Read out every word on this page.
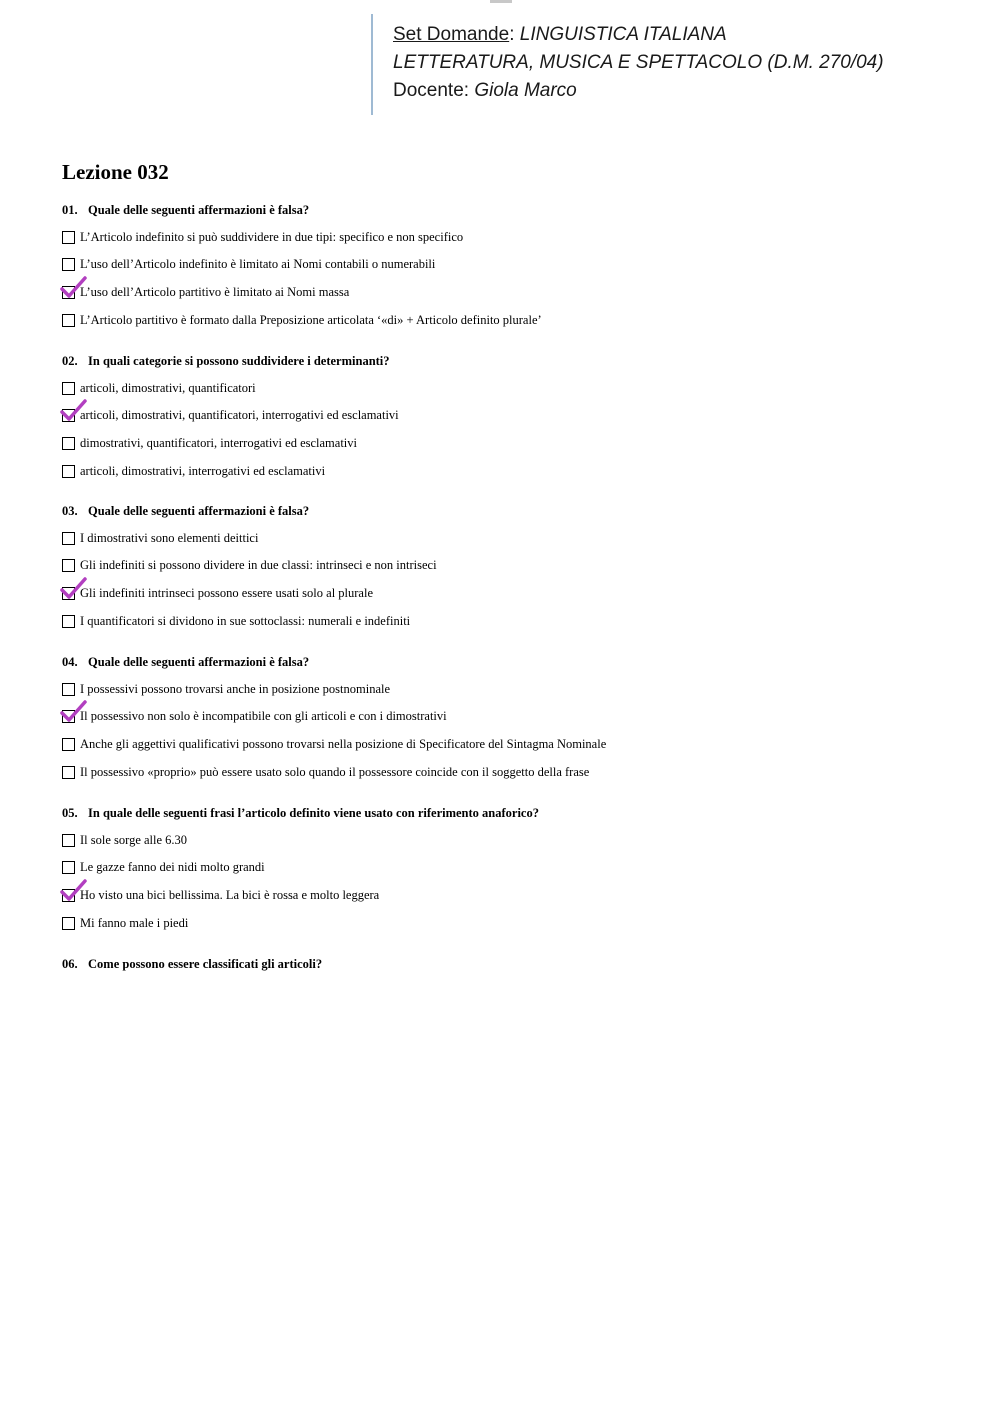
Set Domande: LINGUISTICA ITALIANA
LETTERATURA, MUSICA E SPETTACOLO (D.M. 270/04)
Docente: Giola Marco
Lezione 032
01. Quale delle seguenti affermazioni è falsa?
L’Articolo indefinito si può suddividere in due tipi: specifico e non specifico
L’uso dell’Articolo indefinito è limitato ai Nomi contabili o numerabili
L’uso dell’Articolo partitivo è limitato ai Nomi massa
L’Articolo partitivo è formato dalla Preposizione articolata ‘«di» + Articolo definito plurale’
02. In quali categorie si possono suddividere i determinanti?
articoli, dimostrativi, quantificatori
articoli, dimostrativi, quantificatori, interrogativi ed esclamativi
dimostrativi, quantificatori, interrogativi ed esclamativi
articoli, dimostrativi, interrogativi ed esclamativi
03. Quale delle seguenti affermazioni è falsa?
I dimostrativi sono elementi deittici
Gli indefiniti si possono dividere in due classi: intrinseci e non intriseci
Gli indefiniti intrinseci possono essere usati solo al plurale
I quantificatori si dividono in sue sottoclassi: numerali e indefiniti
04. Quale delle seguenti affermazioni è falsa?
I possessivi possono trovarsi anche in posizione postnominale
Il possessivo non solo è incompatibile con gli articoli e con i dimostrativi
Anche gli aggettivi qualificativi possono trovarsi nella posizione di Specificatore del Sintagma Nominale
Il possessivo «proprio» può essere usato solo quando il possessore coincide con il soggetto della frase
05. In quale delle seguenti frasi l’articolo definito viene usato con riferimento anaforico?
Il sole sorge alle 6.30
Le gazze fanno dei nidi molto grandi
Ho visto una bici bellissima. La bici è rossa e molto leggera
Mi fanno male i piedi
06. Come possono essere classificati gli articoli?
